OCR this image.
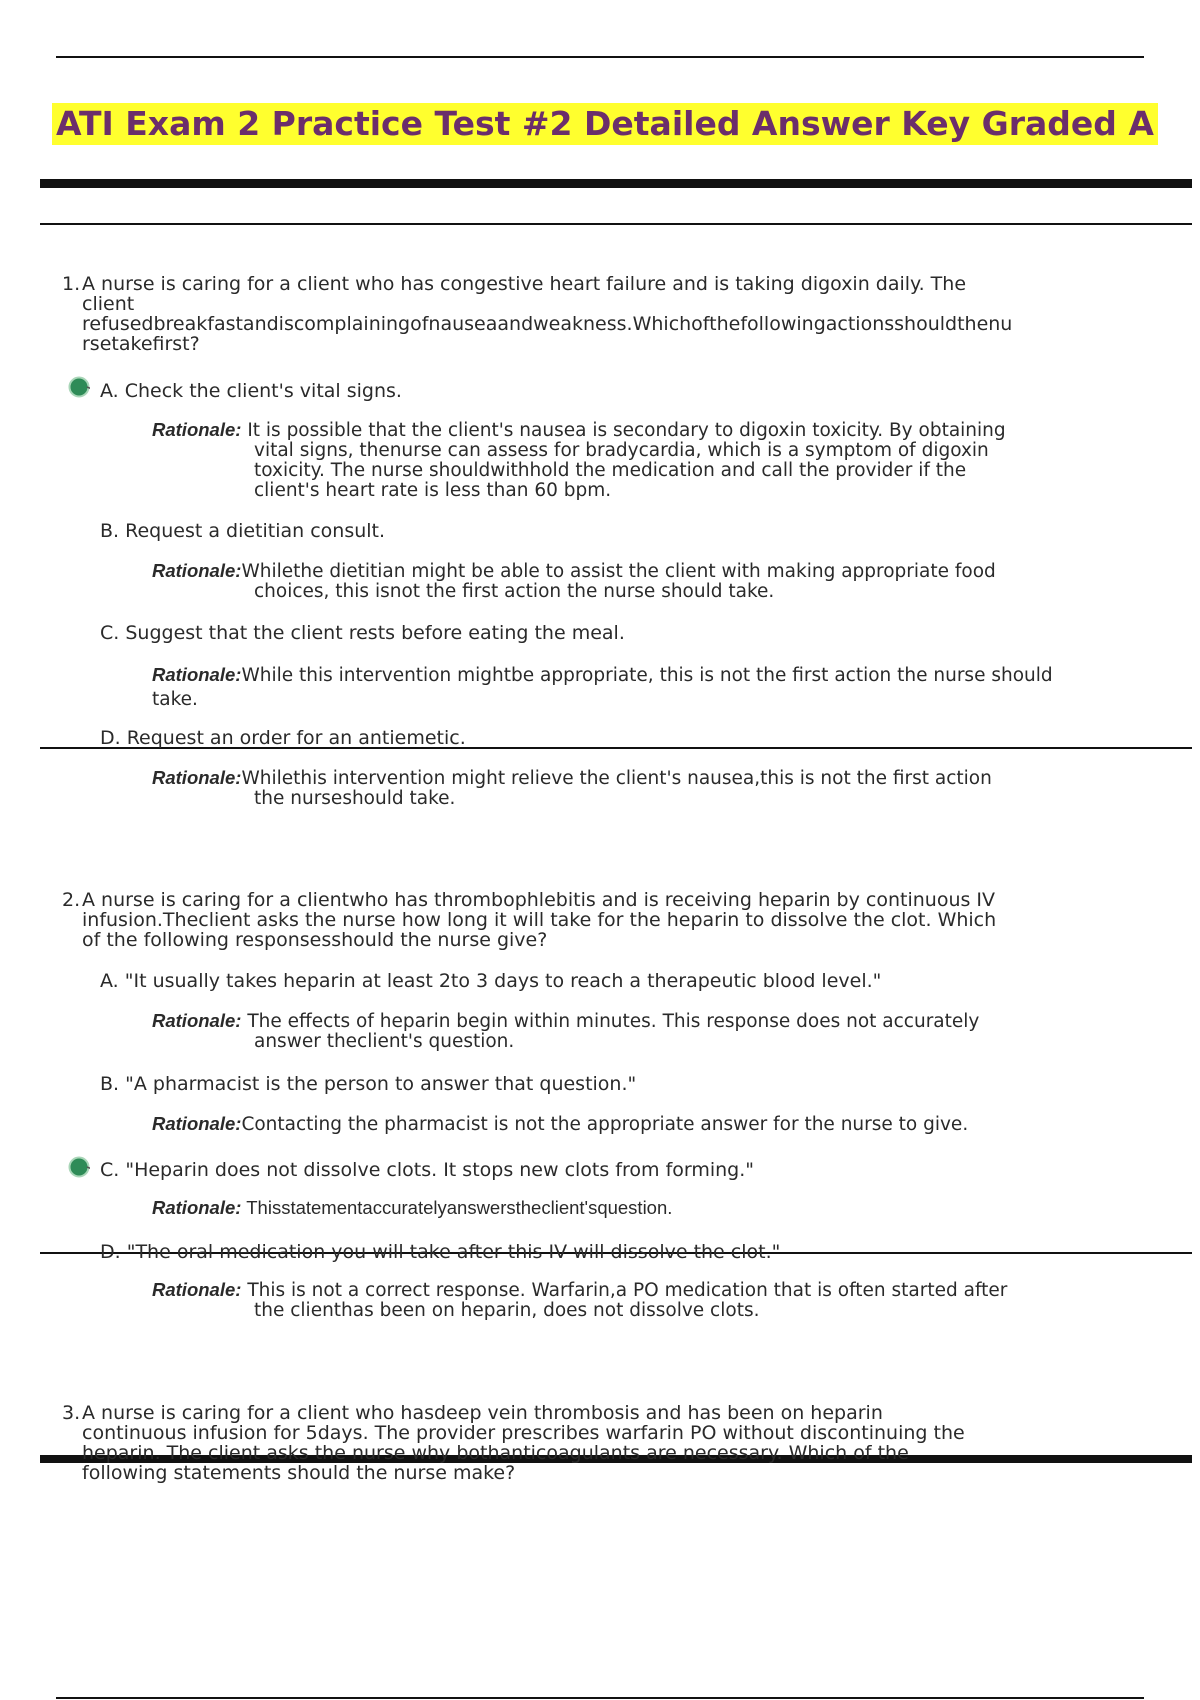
ATI Exam 2 Practice Test #2 Detailed Answer Key Graded A
1. A nurse is caring for a client who has congestive heart failure and is taking digoxin daily. The
client
refusedbreakfastandiscomplainingofnauseaandweakness.Whichofthefollowingactionsshouldthenu
rsetakefirst?
A. Check the client's vital signs.
Rationale: It is possible that the client's nausea is secondary to digoxin toxicity. By obtaining
vital signs, thenurse can assess for bradycardia, which is a symptom of digoxin
toxicity. The nurse shouldwithhold the medication and call the provider if the
client's heart rate is less than 60 bpm.
B. Request a dietitian consult.
Rationale:Whilethe dietitian might be able to assist the client with making appropriate food
choices, this isnot the first action the nurse should take.
C. Suggest that the client rests before eating the meal.
Rationale:While this intervention mightbe appropriate, this is not the first action the nurse should
take.
D. Request an order for an antiemetic.
Rationale:Whilethis intervention might relieve the client's nausea,this is not the first action
the nurseshould take.
2. A nurse is caring for a clientwho has thrombophlebitis and is receiving heparin by continuous IV
infusion.Theclient asks the nurse how long it will take for the heparin to dissolve the clot. Which
of the following responsesshould the nurse give?
A. "It usually takes heparin at least 2to 3 days to reach a therapeutic blood level."
Rationale: The effects of heparin begin within minutes. This response does not accurately
answer theclient's question.
B. "A pharmacist is the person to answer that question."
Rationale:Contacting the pharmacist is not the appropriate answer for the nurse to give.
C. "Heparin does not dissolve clots. It stops new clots from forming."
Rationale: Thisstatementaccuratelyanswerstheclient'squestion.
D. "The oral medication you will take after this IV will dissolve the clot."
Rationale: This is not a correct response. Warfarin,a PO medication that is often started after
the clienthas been on heparin, does not dissolve clots.
3. A nurse is caring for a client who hasdeep vein thrombosis and has been on heparin
continuous infusion for 5days. The provider prescribes warfarin PO without discontinuing the
heparin. The client asks the nurse why bothanticoagulants are necessary. Which of the
following statements should the nurse make?
